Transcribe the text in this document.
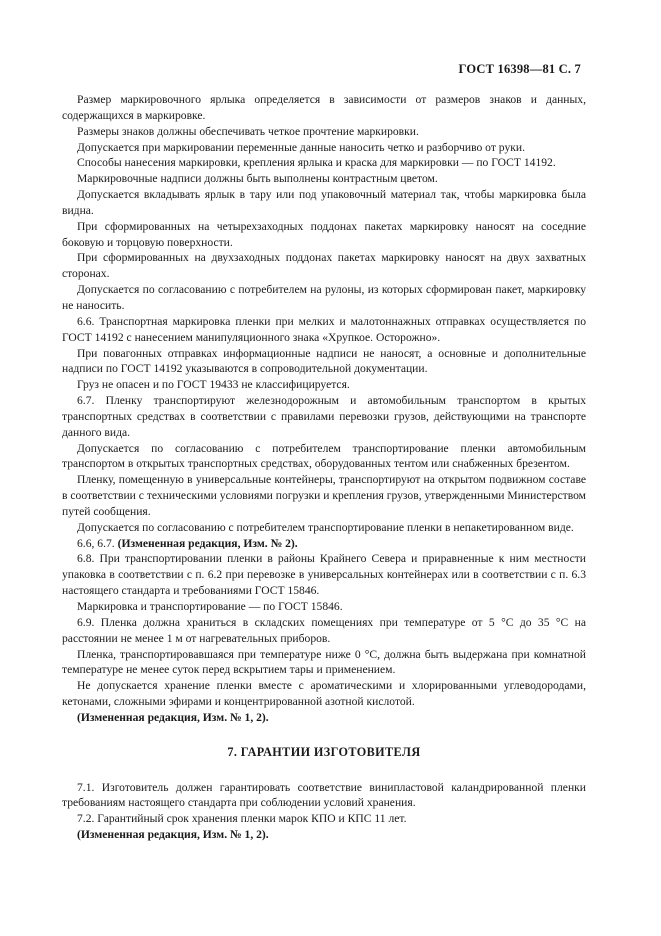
ГОСТ 16398—81 С. 7

Размер маркировочного ярлыка определяется в зависимости от размеров знаков и данных, содержащихся в маркировке.

Размеры знаков должны обеспечивать четкое прочтение маркировки.

Допускается при маркировании переменные данные наносить четко и разборчиво от руки.

Способы нанесения маркировки, крепления ярлыка и краска для маркировки — по ГОСТ 14192.

Маркировочные надписи должны быть выполнены контрастным цветом.

Допускается вкладывать ярлык в тару или под упаковочный материал так, чтобы маркировка была видна.

При сформированных на четырехзаходных поддонах пакетах маркировку наносят на соседние боковую и торцовую поверхности.

При сформированных на двухзаходных поддонах пакетах маркировку наносят на двух захватных сторонах.

Допускается по согласованию с потребителем на рулоны, из которых сформирован пакет, маркировку не наносить.

6.6. Транспортная маркировка пленки при мелких и малотоннажных отправках осуществляется по ГОСТ 14192 с нанесением манипуляционного знака «Хрупкое. Осторожно».

При повагонных отправках информационные надписи не наносят, а основные и дополнительные надписи по ГОСТ 14192 указываются в сопроводительной документации.

Груз не опасен и по ГОСТ 19433 не классифицируется.

6.7. Пленку транспортируют железнодорожным и автомобильным транспортом в крытых транспортных средствах в соответствии с правилами перевозки грузов, действующими на транспорте данного вида.

Допускается по согласованию с потребителем транспортирование пленки автомобильным транспортом в открытых транспортных средствах, оборудованных тентом или снабженных брезентом.

Пленку, помещенную в универсальные контейнеры, транспортируют на открытом подвижном составе в соответствии с техническими условиями погрузки и крепления грузов, утвержденными Министерством путей сообщения.

Допускается по согласованию с потребителем транспортирование пленки в непакетированном виде.

6.6, 6.7. (Измененная редакция, Изм. № 2).

6.8. При транспортировании пленки в районы Крайнего Севера и приравненные к ним местности упаковка в соответствии с п. 6.2 при перевозке в универсальных контейнерах или в соответствии с п. 6.3 настоящего стандарта и требованиями ГОСТ 15846.

Маркировка и транспортирование — по ГОСТ 15846.

6.9. Пленка должна храниться в складских помещениях при температуре от 5 °С до 35 °С на расстоянии не менее 1 м от нагревательных приборов.

Пленка, транспортировавшаяся при температуре ниже 0 °С, должна быть выдержана при комнатной температуре не менее суток перед вскрытием тары и применением.

Не допускается хранение пленки вместе с ароматическими и хлорированными углеводородами, кетонами, сложными эфирами и концентрированной азотной кислотой.

(Измененная редакция, Изм. № 1, 2).

7. ГАРАНТИИ ИЗГОТОВИТЕЛЯ

7.1. Изготовитель должен гарантировать соответствие винипластовой каландрированной пленки требованиям настоящего стандарта при соблюдении условий хранения.

7.2. Гарантийный срок хранения пленки марок КПО и КПС 11 лет.

(Измененная редакция, Изм. № 1, 2).
